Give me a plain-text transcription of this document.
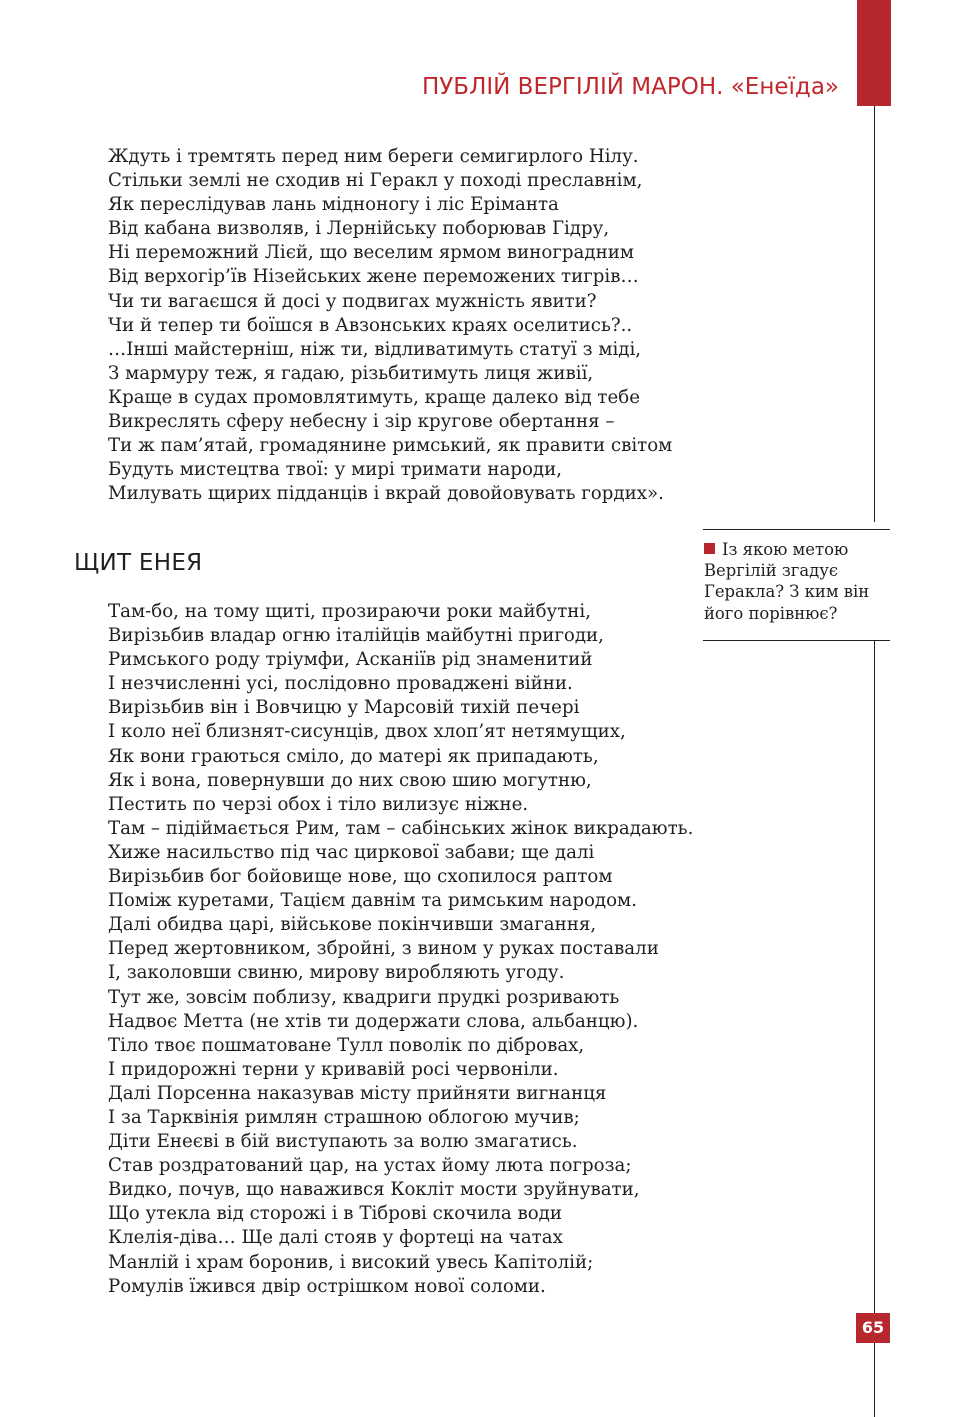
ПУБЛІЙ ВЕРГІЛІЙ МАРОН. «Енеїда»
Ждуть і тремтять перед ним береги семигирлого Нілу.
Стільки землі не сходив ні Геракл у поході преславнім,
Як переслідував лань мідноногу і ліс Ерiманта
Від кабана визволяв, і Лернійську поборював Гідру,
Ні переможний Лієй, що веселим ярмом виноградним
Від верхогір’їв Нізейських жене переможених тигрів…
Чи ти вагаєшся й досі у подвигах мужність явити?
Чи й тепер ти боїшся в Авзонських краях оселитись?..
…Інші майстерніш, ніж ти, відливатимуть статуї з міді,
З мармуру теж, я гадаю, різьбитимуть лиця живії,
Краще в судах промовлятимуть, краще далеко від тебе
Викреслять сферу небесну і зір кругове обертання –
Ти ж пам’ятай, громадянине римський, як правити світом
Будуть мистецтва твої: у мирі тримати народи,
Милувать щирих підданців і вкрай довойовувать гордих».
ЩИТ ЕНЕЯ
Із якою метою Вергілій згадує Геракла? З ким він його порівнює?
Там-бо, на тому щиті, прозираючи роки майбутні,
Вирізьбив владар огню італійців майбутні пригоди,
Римського роду тріумфи, Асканіїв рід знаменитий
І незчисленні усі, послідовно проваджені війни.
Вирізьбив він і Вовчицю у Марсовій тихій печері
І коло неї близнят-сисунців, двох хлоп’ят нетямущих,
Як вони граються сміло, до матері як припадають,
Як і вона, повернувши до них свою шию могутню,
Пестить по черзі обох і тіло вилизує ніжне.
Там – підіймається Рим, там – сабінських жінок викрадають.
Хиже насильство під час циркової забави; ще далі
Вирізьбив бог бойовище нове, що схопилося раптом
Поміж куретами, Тацієм давнім та римським народом.
Далі обидва царі, військове покінчивши змагання,
Перед жертовником, збройні, з вином у руках поставали
І, заколовши свиню, мирову виробляють угоду.
Тут же, зовсім поблизу, квадриги прудкі розривають
Надвоє Метта (не хтів ти додержати слова, альбанцю).
Тіло твоє пошматоване Тулл поволік по дібровах,
І придорожні терни у кривавій росі червоніли.
Далі Порсенна наказував місту прийняти вигнанця
І за Тарквінія римлян страшною облогою мучив;
Діти Енеєві в бій виступають за волю змагатись.
Став роздратований цар, на устах йому люта погроза;
Видко, почув, що наважився Коклiт мости зруйнувати,
Що утекла від сторожі і в Тіброві скочила води
Клелія-діва… Ще далі стояв у фортеці на чатах
Манлій і храм боронив, і високий увесь Капітолій;
Ромулів їжився двір острішком нової соломи.
65
